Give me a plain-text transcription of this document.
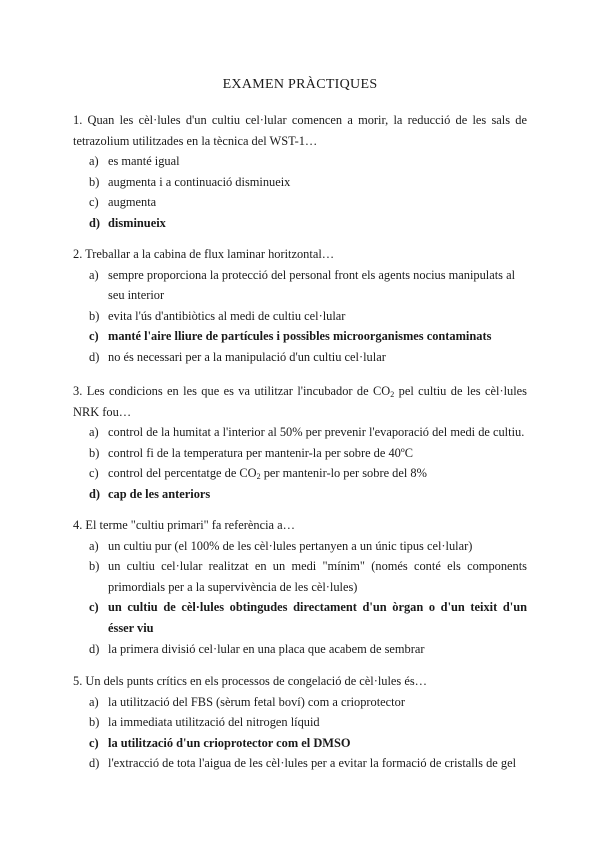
EXAMEN PRÀCTIQUES

1. Quan les cèl·lules d'un cultiu cel·lular comencen a morir, la reducció de les sals de tetrazolium utilitzades en la tècnica del WST-1…

a) es manté igual

b) augmenta i a continuació disminueix

c) augmenta

d) disminueix

2. Treballar a la cabina de flux laminar horitzontal…

a) sempre proporciona la protecció del personal front els agents nocius manipulats al seu interior

b) evita l'ús d'antibiòtics al medi de cultiu cel·lular

c) manté l'aire lliure de partícules i possibles microorganismes contaminats

d) no és necessari per a la manipulació d'un cultiu cel·lular

3. Les condicions en les que es va utilitzar l'incubador de $CO_2$ pel cultiu de les cèl·lules NRK fou…

a) control de la humitat a l'interior al 50% per prevenir l'evaporació del medi de cultiu.

b) control fi de la temperatura per mantenir-la per sobre de 40ºC

c) control del percentatge de $CO_2$ per mantenir-lo per sobre del 8%

d) cap de les anteriors

4. El terme "cultiu primari" fa referència a…

a) un cultiu pur (el 100% de les cèl·lules pertanyen a un únic tipus cel·lular)

b) un cultiu cel·lular realitzat en un medi "mínim" (només conté els components primordials per a la supervivència de les cèl·lules)

c) un cultiu de cèl·lules obtingudes directament d'un òrgan o d'un teixit d'un ésser viu

d) la primera divisió cel·lular en una placa que acabem de sembrar

5. Un dels punts crítics en els processos de congelació de cèl·lules és…

a) la utilització del FBS (sèrum fetal boví) com a crioprotector

b) la immediata utilització del nitrogen líquid

c) la utilització d'un crioprotector com el DMSO

d) l'extracció de tota l'aigua de les cèl·lules per a evitar la formació de cristalls de gel
